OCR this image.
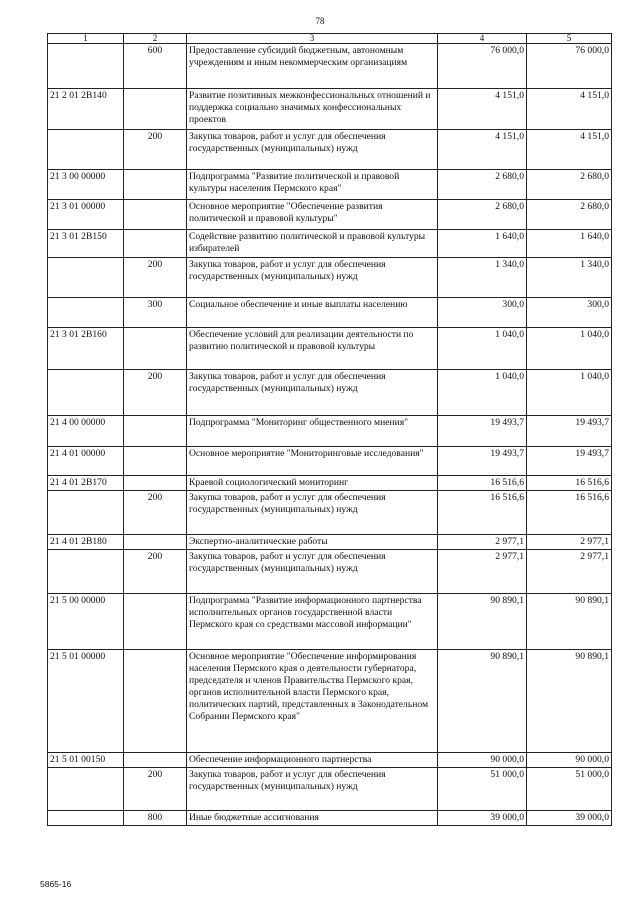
78
1	2	3	4	5
	600	Предоставление субсидий бюджетным, автономным учреждениям и иным некоммерческим организациям	76 000,0	76 000,0
21 2 01 2В140		Развитие позитивных межконфессиональных отношений и поддержка социально значимых конфессиональных проектов	4 151,0	4 151,0
	200	Закупка товаров, работ и услуг для обеспечения государственных (муниципальных) нужд	4 151,0	4 151,0
21 3 00 00000		Подпрограмма "Развитие политической и правовой культуры населения Пермского края"	2 680,0	2 680,0
21 3 01 00000		Основное мероприятие "Обеспечение развития политической и правовой культуры"	2 680,0	2 680,0
21 3 01 2В150		Содействие развитию политической и правовой культуры избирателей	1 640,0	1 640,0
	200	Закупка товаров, работ и услуг для обеспечения государственных (муниципальных) нужд	1 340,0	1 340,0
	300	Социальное обеспечение и иные выплаты населению	300,0	300,0
21 3 01 2В160		Обеспечение условий для реализации деятельности по развитию политической и правовой культуры	1 040,0	1 040,0
	200	Закупка товаров, работ и услуг для обеспечения государственных (муниципальных) нужд	1 040,0	1 040,0
21 4 00 00000		Подпрограмма "Мониторинг общественного мнения"	19 493,7	19 493,7
21 4 01 00000		Основное мероприятие "Мониторинговые исследования"	19 493,7	19 493,7
21 4 01 2В170		Краевой социологический мониторинг	16 516,6	16 516,6
	200	Закупка товаров, работ и услуг для обеспечения государственных (муниципальных) нужд	16 516,6	16 516,6
21 4 01 2В180		Экспертно-аналитические работы	2 977,1	2 977,1
	200	Закупка товаров, работ и услуг для обеспечения государственных (муниципальных) нужд	2 977,1	2 977,1
21 5 00 00000		Подпрограмма "Развитие информационного партнерства исполнительных органов государственной власти Пермского края со средствами массовой информации"	90 890,1	90 890,1
21 5 01 00000		Основное мероприятие "Обеспечение информирования населения Пермского края о деятельности губернатора, председателя и членов Правительства Пермского края, органов исполнительной власти Пермского края, политических партий, представленных в Законодательном Собрании Пермского края"	90 890,1	90 890,1
21 5 01 00150		Обеспечение информационного партнерства	90 000,0	90 000,0
	200	Закупка товаров, работ и услуг для обеспечения государственных (муниципальных) нужд	51 000,0	51 000,0
	800	Иные бюджетные ассигнования	39 000,0	39 000,0
5865-16
